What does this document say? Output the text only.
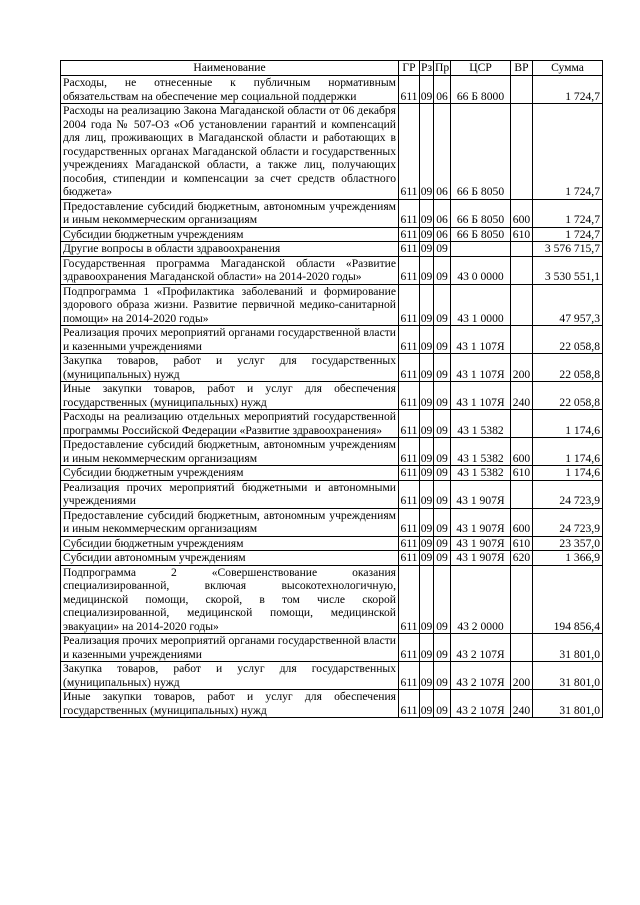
Наименование	ГР	Рз	Пр	ЦСР	ВР	Сумма
Расходы, не отнесенные к публичным нормативным обязательствам на обеспечение мер социальной поддержки	611	09	06	66 Б 8000		1 724,7
Расходы на реализацию Закона Магаданской области от 06 декабря 2004 года № 507-ОЗ «Об установлении гарантий и компенсаций для лиц, проживающих в Магаданской области и работающих в государственных органах Магаданской области и государственных учреждениях Магаданской области, а также лиц, получающих пособия, стипендии и компенсации за счет средств областного бюджета»	611	09	06	66 Б 8050		1 724,7
Предоставление субсидий бюджетным, автономным учреждениям и иным некоммерческим организациям	611	09	06	66 Б 8050	600	1 724,7
Субсидии бюджетным учреждениям	611	09	06	66 Б 8050	610	1 724,7
Другие вопросы в области здравоохранения	611	09	09			3 576 715,7
Государственная программа Магаданской области «Развитие здравоохранения Магаданской области» на 2014-2020 годы»	611	09	09	43 0 0000		3 530 551,1
Подпрограмма 1 «Профилактика заболеваний и формирование здорового образа жизни. Развитие первичной медико-санитарной помощи» на 2014-2020 годы»	611	09	09	43 1 0000		47 957,3
Реализация прочих мероприятий органами государственной власти и казенными учреждениями	611	09	09	43 1 107Я		22 058,8
Закупка товаров, работ и услуг для государственных (муниципальных) нужд	611	09	09	43 1 107Я	200	22 058,8
Иные закупки товаров, работ и услуг для обеспечения государственных (муниципальных) нужд	611	09	09	43 1 107Я	240	22 058,8
Расходы на реализацию отдельных мероприятий государственной программы Российской Федерации «Развитие здравоохранения»	611	09	09	43 1 5382		1 174,6
Предоставление субсидий бюджетным, автономным учреждениям и иным некоммерческим организациям	611	09	09	43 1 5382	600	1 174,6
Субсидии бюджетным учреждениям	611	09	09	43 1 5382	610	1 174,6
Реализация прочих мероприятий бюджетными и автономными учреждениями	611	09	09	43 1 907Я		24 723,9
Предоставление субсидий бюджетным, автономным учреждениям и иным некоммерческим организациям	611	09	09	43 1 907Я	600	24 723,9
Субсидии бюджетным учреждениям	611	09	09	43 1 907Я	610	23 357,0
Субсидии автономным учреждениям	611	09	09	43 1 907Я	620	1 366,9
Подпрограмма 2 «Совершенствование оказания специализированной, включая высокотехнологичную, медицинской помощи, скорой, в том числе скорой специализированной, медицинской помощи, медицинской эвакуации» на 2014-2020 годы»	611	09	09	43 2 0000		194 856,4
Реализация прочих мероприятий органами государственной власти и казенными учреждениями	611	09	09	43 2 107Я		31 801,0
Закупка товаров, работ и услуг для государственных (муниципальных) нужд	611	09	09	43 2 107Я	200	31 801,0
Иные закупки товаров, работ и услуг для обеспечения государственных (муниципальных) нужд	611	09	09	43 2 107Я	240	31 801,0
